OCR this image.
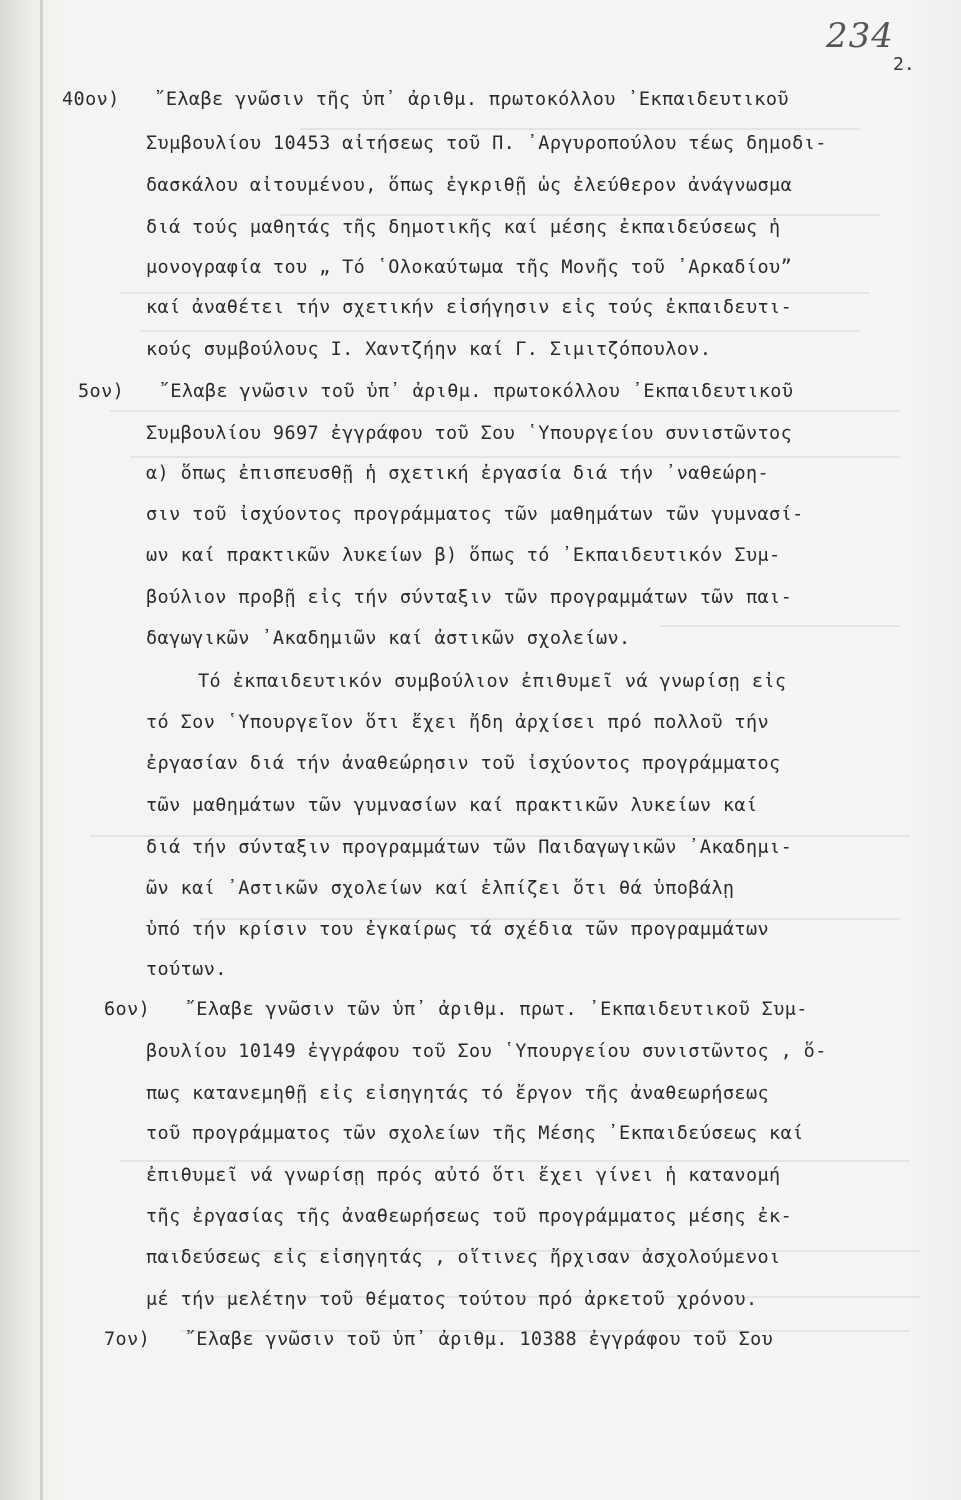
234
2.
40ον)   ῎Ελαβε γνῶσιν τῆς ὑπ᾽ ἀριθμ. πρωτοκόλλου ᾽Εκπαιδευτικοῦ
Συμβουλίου 10453 αἰτήσεως τοῦ Π. ᾽Αργυροπούλου τέως δημοδι-
δασκάλου αἰτουμένου, ὅπως ἐγκριθῇ ὡς ἐλεύθερον ἀνάγνωσμα
διά τούς μαθητάς τῆς δημοτικῆς καί μέσης ἐκπαιδεύσεως ἡ
μονογραφία του „ Τό ῾Ολοκαύτωμα τῆς Μονῆς τοῦ ᾽Αρκαδίου”
καί ἀναθέτει τήν σχετικήν εἰσήγησιν εἰς τούς ἐκπαιδευτι-
κούς συμβούλους Ι. Χαντζήην καί Γ. Σιμιτζόπουλον.
5ον)   ῎Ελαβε γνῶσιν τοῦ ὑπ᾽ ἀριθμ. πρωτοκόλλου ᾽Εκπαιδευτικοῦ
Συμβουλίου 9697 ἐγγράφου τοῦ Σου ῾Υπουργείου συνιστῶντος
α) ὅπως ἐπισπευσθῇ ἡ σχετική ἐργασία διά τήν ᾽ναθεώρη-
σιν τοῦ ἰσχύοντος προγράμματος τῶν μαθημάτων τῶν γυμνασί-
ων καί πρακτικῶν λυκείων β) ὅπως τό ᾽Εκπαιδευτικόν Συμ-
βούλιον προβῇ εἰς τήν σύνταξιν τῶν προγραμμάτων τῶν παι-
δαγωγικῶν ᾽Ακαδημιῶν καί ἀστικῶν σχολείων.
Τό ἐκπαιδευτικόν συμβούλιον ἐπιθυμεῖ νά γνωρίσῃ εἰς
τό Σον ῾Υπουργεῖον ὅτι ἔχει ἤδη ἀρχίσει πρό πολλοῦ τήν
ἐργασίαν διά τήν ἀναθεώρησιν τοῦ ἰσχύοντος προγράμματος
τῶν μαθημάτων τῶν γυμνασίων καί πρακτικῶν λυκείων καί
διά τήν σύνταξιν προγραμμάτων τῶν Παιδαγωγικῶν ᾽Ακαδημι-
ῶν καί ᾽Αστικῶν σχολείων καί ἐλπίζει ὅτι θά ὑποβάλῃ
ὑπό τήν κρίσιν του ἐγκαίρως τά σχέδια τῶν προγραμμάτων
τούτων.
6ον)   ῎Ελαβε γνῶσιν τῶν ὑπ᾽ ἀριθμ. πρωτ. ᾽Εκπαιδευτικοῦ Συμ-
βουλίου 10149 ἐγγράφου τοῦ Σου ῾Υπουργείου συνιστῶντος , ὅ-
πως κατανεμηθῇ εἰς εἰσηγητάς τό ἔργον τῆς ἀναθεωρήσεως
τοῦ προγράμματος τῶν σχολείων τῆς Μέσης ᾽Εκπαιδεύσεως καί
ἐπιθυμεῖ νά γνωρίσῃ πρός αὐτό ὅτι ἔχει γίνει ἡ κατανομή
τῆς ἐργασίας τῆς ἀναθεωρήσεως τοῦ προγράμματος μέσης ἐκ-
παιδεύσεως εἰς εἰσηγητάς , οἵτινες ἤρχισαν ἀσχολούμενοι
μέ τήν μελέτην τοῦ θέματος τούτου πρό ἀρκετοῦ χρόνου.
7ον)   ῎Ελαβε γνῶσιν τοῦ ὑπ᾽ ἀριθμ. 10388 ἐγγράφου τοῦ Σου
